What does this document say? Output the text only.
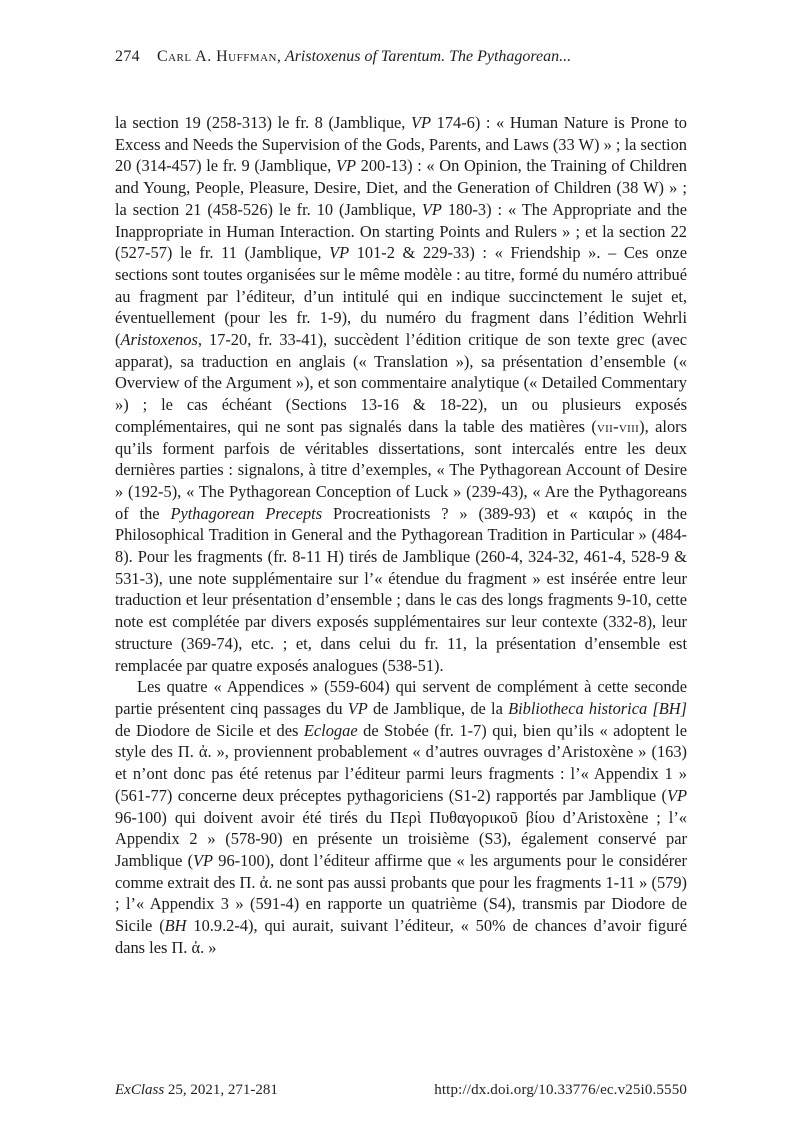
274 Carl A. Huffman, Aristoxenus of Tarentum. The Pythagorean...

la section 19 (258-313) le fr. 8 (Jamblique, VP 174-6) : « Human Nature is Prone to Excess and Needs the Supervision of the Gods, Parents, and Laws (33 W) » ; la section 20 (314-457) le fr. 9 (Jamblique, VP 200-13) : « On Opinion, the Training of Children and Young, People, Pleasure, Desire, Diet, and the Generation of Children (38 W) » ; la section 21 (458-526) le fr. 10 (Jamblique, VP 180-3) : « The Appropriate and the Inappropriate in Human Interaction. On starting Points and Rulers » ; et la section 22 (527-57) le fr. 11 (Jamblique, VP 101-2 & 229-33) : « Friendship ». – Ces onze sections sont toutes organisées sur le même modèle : au titre, formé du numéro attribué au fragment par l’éditeur, d’un intitulé qui en indique succinctement le sujet et, éventuellement (pour les fr. 1-9), du numéro du fragment dans l’édition Wehrli (Aristoxenos, 17-20, fr. 33-41), succèdent l’édition critique de son texte grec (avec apparat), sa traduction en anglais (« Translation »), sa présentation d’ensemble (« Overview of the Argument »), et son commentaire analytique (« Detailed Commentary ») ; le cas échéant (Sections 13-16 & 18-22), un ou plusieurs exposés complémentaires, qui ne sont pas signalés dans la table des matières (vii-viii), alors qu’ils forment parfois de véritables dissertations, sont intercalés entre les deux dernières parties : signalons, à titre d’exemples, « The Pythagorean Account of Desire » (192-5), « The Pythagorean Conception of Luck » (239-43), « Are the Pythagoreans of the Pythagorean Precepts Procreationists ? » (389-93) et « καιρός in the Philosophical Tradition in General and the Pythagorean Tradition in Particular » (484-8). Pour les fragments (fr. 8-11 H) tirés de Jamblique (260-4, 324-32, 461-4, 528-9 & 531-3), une note supplémentaire sur l’« étendue du fragment » est insérée entre leur traduction et leur présentation d’ensemble ; dans le cas des longs fragments 9-10, cette note est complétée par divers exposés supplémentaires sur leur contexte (332-8), leur structure (369-74), etc. ; et, dans celui du fr. 11, la présentation d’ensemble est remplacée par quatre exposés analogues (538-51).

Les quatre « Appendices » (559-604) qui servent de complément à cette seconde partie présentent cinq passages du VP de Jamblique, de la Bibliotheca historica [BH] de Diodore de Sicile et des Eclogae de Stobée (fr. 1-7) qui, bien qu’ils « adoptent le style des Π. ἀ. », proviennent probablement « d’autres ouvrages d’Aristoxène » (163) et n’ont donc pas été retenus par l’éditeur parmi leurs fragments : l’« Appendix 1 » (561-77) concerne deux préceptes pythagoriciens (S1-2) rapportés par Jamblique (VP 96-100) qui doivent avoir été tirés du Περὶ Πυθαγορικοῦ βίου d’Aristoxène ; l’« Appendix 2 » (578-90) en présente un troisième (S3), également conservé par Jamblique (VP 96-100), dont l’éditeur affirme que « les arguments pour le considérer comme extrait des Π. ἀ. ne sont pas aussi probants que pour les fragments 1-11 » (579) ; l’« Appendix 3 » (591-4) en rapporte un quatrième (S4), transmis par Diodore de Sicile (BH 10.9.2-4), qui aurait, suivant l’éditeur, « 50% de chances d’avoir figuré dans les Π. ἀ. »

ExClass 25, 2021, 271-281	http://dx.doi.org/10.33776/ec.v25i0.5550
